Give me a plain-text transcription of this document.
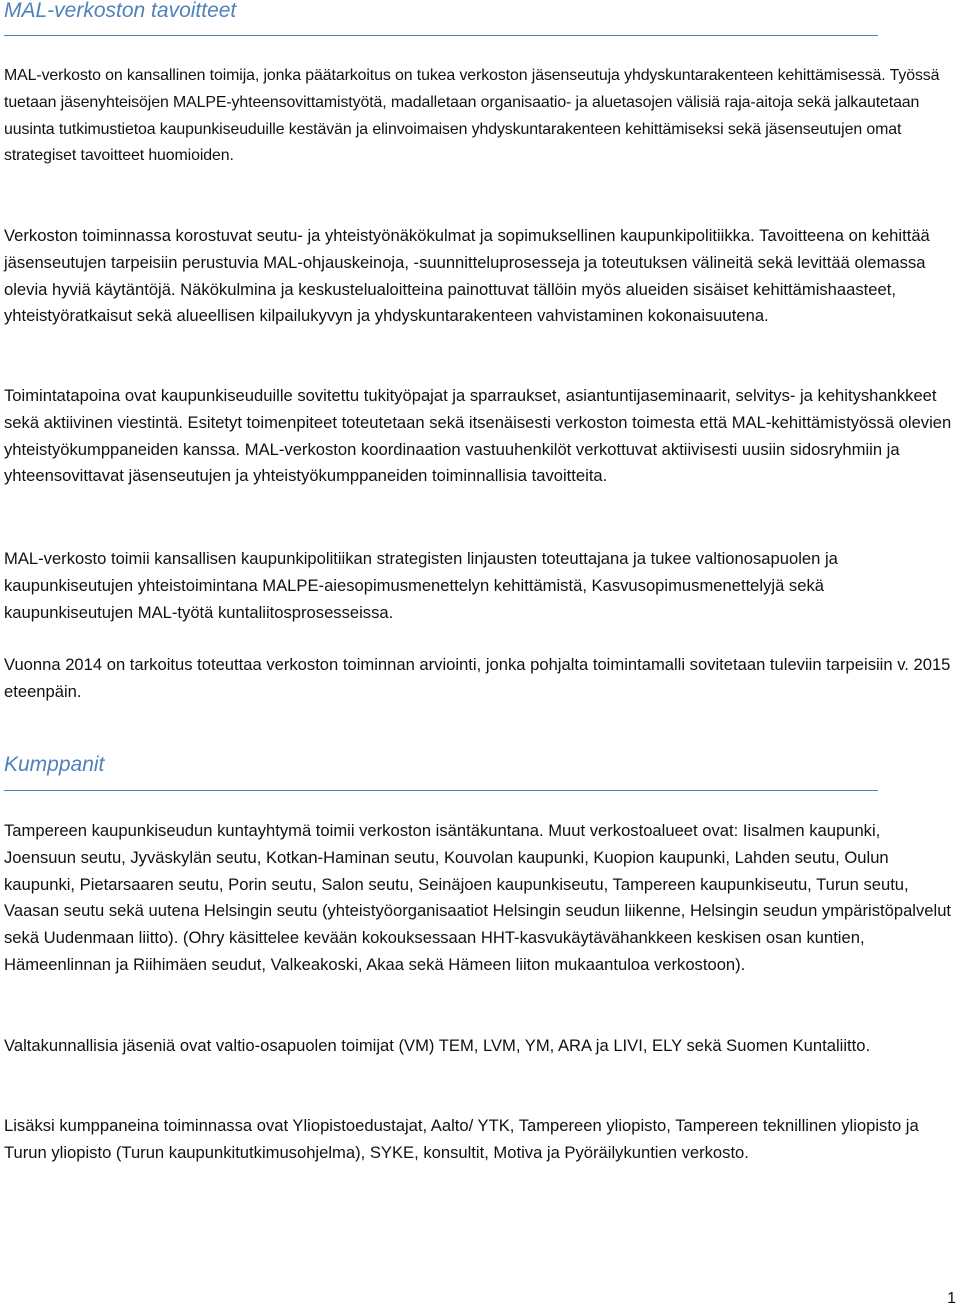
MAL-verkoston tavoitteet

MAL-verkosto on kansallinen toimija, jonka päätarkoitus on tukea verkoston jäsenseutuja yhdyskuntarakenteen kehittämisessä. Työssä tuetaan jäsenyhteisöjen MALPE-yhteensovittamistyötä, madalletaan organisaatio- ja aluetasojen välisiä raja-aitoja sekä jalkautetaan uusinta tutkimustietoa kaupunkiseuduille kestävän ja elinvoimaisen yhdyskuntarakenteen kehittämiseksi sekä jäsenseutujen omat strategiset tavoitteet huomioiden.

Verkoston toiminnassa korostuvat seutu- ja yhteistyönäkökulmat ja sopimuksellinen kaupunkipolitiikka. Tavoitteena on kehittää jäsenseutujen tarpeisiin perustuvia MAL-ohjauskeinoja, -suunnitteluprosesseja ja toteutuksen välineitä sekä levittää olemassa olevia hyviä käytäntöjä. Näkökulmina ja keskustelualoitteina painottuvat tällöin myös alueiden sisäiset kehittämishaasteet, yhteistyöratkaisut sekä alueellisen kilpailukyvyn ja yhdyskuntarakenteen vahvistaminen kokonaisuutena.

Toimintatapoina ovat kaupunkiseuduille sovitettu tukityöpajat ja sparraukset, asiantuntijaseminaarit, selvitys- ja kehityshankkeet sekä aktiivinen viestintä. Esitetyt toimenpiteet toteutetaan sekä itsenäisesti verkoston toimesta että MAL-kehittämistyössä olevien yhteistyökumppaneiden kanssa. MAL-verkoston koordinaation vastuuhenkilöt verkottuvat aktiivisesti uusiin sidosryhmiin ja yhteensovittavat jäsenseutujen ja yhteistyökumppaneiden toiminnallisia tavoitteita.

MAL-verkosto toimii kansallisen kaupunkipolitiikan strategisten linjausten toteuttajana ja tukee valtionosapuolen ja kaupunkiseutujen yhteistoimintana MALPE-aiesopimusmenettelyn kehittämistä, Kasvusopimusmenettelyjä sekä kaupunkiseutujen MAL-työtä kuntaliitosprosesseissa.

Vuonna 2014 on tarkoitus toteuttaa verkoston toiminnan arviointi, jonka pohjalta toimintamalli sovitetaan tuleviin tarpeisiin v. 2015 eteenpäin.

Kumppanit

Tampereen kaupunkiseudun kuntayhtymä toimii verkoston isäntäkuntana. Muut verkostoalueet ovat: Iisalmen kaupunki, Joensuun seutu, Jyväskylän seutu, Kotkan-Haminan seutu, Kouvolan kaupunki, Kuopion kaupunki, Lahden seutu, Oulun kaupunki, Pietarsaaren seutu, Porin seutu, Salon seutu, Seinäjoen kaupunkiseutu, Tampereen kaupunkiseutu, Turun seutu, Vaasan seutu sekä uutena Helsingin seutu (yhteistyöorganisaatiot Helsingin seudun liikenne, Helsingin seudun ympäristöpalvelut sekä Uudenmaan liitto). (Ohry käsittelee kevään kokouksessaan HHT-kasvukäytävähankkeen keskisen osan kuntien, Hämeenlinnan ja Riihimäen seudut, Valkeakoski, Akaa sekä Hämeen liiton mukaantuloa verkostoon).

Valtakunnallisia jäseniä ovat valtio-osapuolen toimijat (VM) TEM, LVM, YM, ARA ja LIVI, ELY sekä Suomen Kuntaliitto.

Lisäksi kumppaneina toiminnassa ovat Yliopistoedustajat, Aalto/ YTK, Tampereen yliopisto, Tampereen teknillinen yliopisto ja Turun yliopisto (Turun kaupunkitutkimusohjelma), SYKE, konsultit, Motiva ja Pyöräilykuntien verkosto.

1
